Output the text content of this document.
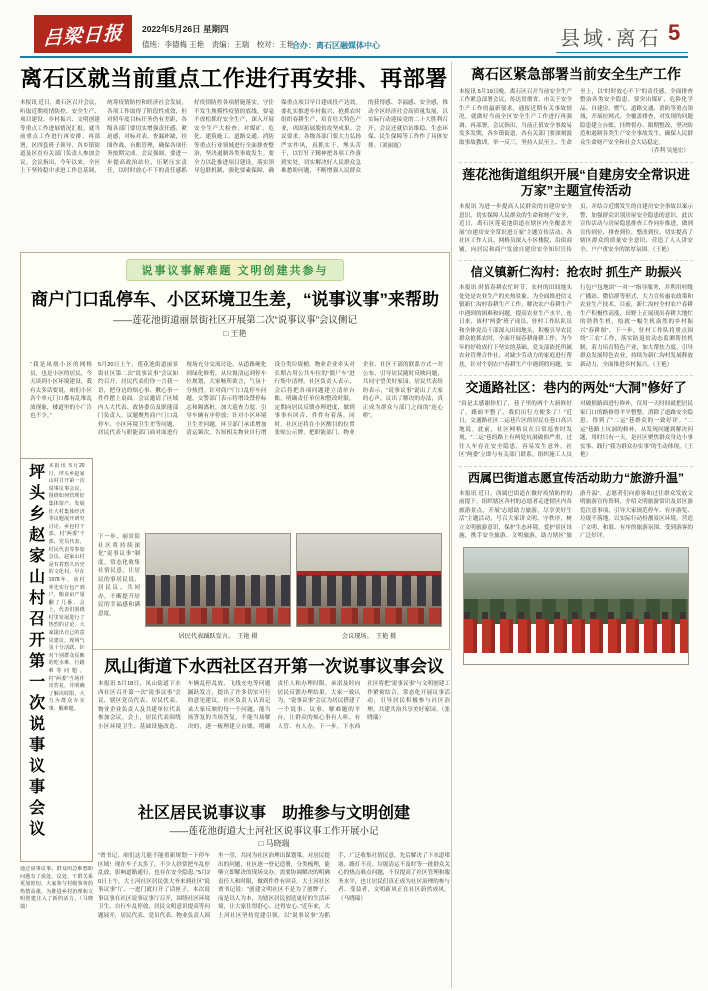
吕梁日报 2022年5月26日 星期四
值班：李德梅 王艳　责编：王瑞　校对：王艳
合办：离石区融媒体中心	县域·离石 5
离石区就当前重点工作进行再安排、再部署
本报讯 近日，离石区召开会议，听取近期疫情防控、安全生产、项目建设、乡村振兴、文明创建等重点工作进展情况汇报，就当前重点工作进行再安排、再部署。区四套班子领导、各乡镇街道及区直有关部门负责人参加会议。会议指出，今年以来，全区上下坚持稳中求进工作总基调，统筹疫情防控和经济社会发展，各项工作取得了阶段性成效，但对照年度目标任务仍有差距，各级各部门要切实增强责任感、紧迫感，对标对表、查漏补缺，挂图作战、台账管理，确保各项任务按期完成。会议强调，要进一步提高政治站位，压紧压实责任，以时时放心不下的责任感抓好疫情防控各项措施落实，守住不发生规模性疫情的底线。要毫不放松抓好安全生产，深入开展安全生产大检查，对煤矿、危化、建筑施工、道路交通、消防等重点行业领域进行全面排查整治，坚决遏制各类事故发生。要全力以赴推进项目建设，落实领导包联机制，强化要素保障，确保重点项目早日建成投产达效。要扎实推进乡村振兴，抢抓农时组织春耕生产，培育壮大特色产业，巩固拓展脱贫攻坚成果。会议要求，各级各部门要大力弘扬严实作风，真抓实干、埋头苦干，以钉钉子精神把各项工作落到实处，切实解决好人民群众急难愁盼问题，不断增强人民群众的获得感、幸福感、安全感，推动全区经济社会高质量发展，以实际行动迎接党的二十大胜利召开。会议还就信访维稳、生态环保、民生保障等工作作了具体安排。（刘丽霞）
离石区紧急部署当前安全生产工作
本报讯 5月19日晚，离石区召开当前安全生产工作紧急部署会议，传达贯彻省、市关于安全生产工作的最新要求，通报近期有关事故情况，就做好当前全区安全生产工作进行再强调、再部署。会议指出，当前正值安全事故易发多发期，各乡镇街道、各有关部门要深刻汲取事故教训，举一反三，坚持人民至上、生命至上，以“时时放心不下”的责任感，全面排查整治各类安全隐患。要突出煤矿、危险化学品、自建房、燃气、道路交通、消防等重点领域，开展拉网式、全覆盖排查，对发现的问题隐患建立台账、挂牌督办、限期整改，坚决防范和遏制各类生产安全事故发生，确保人民群众生命财产安全和社会大局稳定。
（乔利 吴旭宏）
莲花池街道组织开展“自建房安全常识进万家”主题宣传活动
本报讯 为进一步提高人民群众的自建房安全意识，切实保障人民群众的生命和财产安全，近日，离石区莲花池街道在辖区内全覆盖开展“自建房安全常识进万家”主题宣传活动。各社区工作人员、网格员深入小区楼院、沿街商铺，向居民和商户发放自建房安全知识宣传页，并结合近期发生的自建房安全事故以案示警，加强群众识别房屋安全隐患的意识。此次宣传活动与房屋隐患排查工作同步推进，做到宣传到位、排查到位、整改到位，切实提高了辖区群众的质量安全意识，营造了人人讲安全、户户重安全的浓厚氛围。（王艳）
信义镇新仁沟村：抢农时 抓生产 助振兴
本报讯 时值春耕农忙时节，农村的田间地头处处是农业生产的火热景象。为全面推进信义镇新仁沟村春耕生产工作，解决农户春耕生产中遇到的困难和问题，提高农业生产水平，连日来，该村“两委”班子成员、驻村工作队队员和全体党员干部深入田间地头，积极引导农民群众抢抓农时，全面开展春耕备耕工作，为今年的好收成打下坚实的基础。党支部依托所属农业管理合作社，对缺少劳动力的家庭进行帮扶，针对个别农户春耕生产中遇到的问题，实行包户包地块“一对一”指导服务，并利用村级广播站、微信群等形式，大力宣传惠农政策和农业生产技术。目前，新仁沟村全村农户春耕生产积极性高涨，田野上正展现出春耕大地忙的勃勃生机，绘就一幅生机盎然的乡村振兴“春耕图”。下一步，驻村工作队将重点围绕“三农”工作，落实防返贫动态监测帮扶机制，着力培育特色产业，加大帮扶力度，引导群众发展特色农业，持续为新仁沟村发展释放新动力，全面推进乡村振兴。（王艳）
交通路社区：巷内的两处“大洞”修好了
“真是太感谢你们了，巷子里的两个大洞修好了，路面平整了，我们出行方便多了！”近日，交通路社区二运巷片区的居民在巷口高兴地说。此前，社区网格员在日常巡查时发现，“二运”巷的路上有两处坑洞破损严重，过往人车存在安全隐患，容易发生意外。社区“两委”立即与有关部门联系，组织施工人员对破损路面进行修补，仅用一天时间就把居民家门口的路修得平平整整，消除了道路安全隐患，得到了“二运”巷群众的一致好评。“二运”巷路上坑洞的修补，从发现问题到解决问题，用时只有一天，是社区聚焦群众身边小事实事、践行“我为群众办实事”的生动体现。（王艳）
西属巴街道志愿宣传活动助力“旅游升温”
本报讯 近日，西属巴街道在做好疫情防控的前提下，组织辖区各村的志愿者走进辖区内各旅游景点，开展“志愿助力旅游，尽享美好生活”主题活动，号召大家讲文明、守秩序，树立文明旅游意识，保护生态环境，爱护景区设施，携手安全旅游、文明旅游，助力辖区“旅游升温”。志愿者们向游客和过往群众发放文明旅游宣传资料，介绍文明旅游常识及景区游览注意事项，引导大家规范停车、有序游览、垃圾不落地，以实际行动扮靓景区环境，营造了文明、和谐、有序的旅游氛围，受到游客的广泛好评。
说事议事解难题 文明创建共参与
商户门口乱停车、小区环境卫生差，“说事议事”来帮助
——莲花池街道丽景街社区开展第二次“说事议事”会议侧记
□ 王艳
“我是凤凰小区的网格员，也是小区的居民，今天谈到小区环境建设，我有太多话要说，咱们小区各个单元门口都有乱堆乱放现象，楼道里的小广告也不少。”
5月20日上午，莲花池街道丽景街社区第二次“说事议事”会议如约召开，居民代表们你一言我一语，把身边的烦心事、揪心事一件件摆上桌面。会议邀请了区域内人大代表、政协委员及职能部门负责人，议题聚焦商户门口乱停车、小区环境卫生差等问题，居民代表与职能部门面对面进行现场充分交流讨论。从道路硬化到绿化修剪，从垃圾清运到停车位规划，大家畅所欲言，气氛十分热烈。针对商户门口乱停车问题，交警部门表示将增设禁停标志和隔离桩，加大巡查力度，引导车辆有序停放；针对小区环境卫生差问题，环卫部门承诺增加清运频次，告知相关物业自行增设分类垃圾桶，物业企业牵头对长期占用公共车位的“僵尸车”进行集中清理。社区负责人表示，会后将把各项问题建立清单台账，明确责任单位和整改时限，定期向居民反馈办理进度，做到事事有回音、件件有着落。同时，社区还将在小区醒目的位置张贴公示牌，把职能部门、物业企业、社区干部的联系方式一并公布，引导居民随时反映问题，共同守望美好家园。居民代表纷纷表示，“说事议事”说出了大家的心声，议出了解决的办法，真正成为群众与部门之间的“连心桥”。
下一步，丽景街社区将持续深化“说事议事”制度，常态化收集社情民意，让居民的事居民说、居民议、共同办，不断提升居民的幸福感和满意度。
居民代表踊跃发言。　王艳 摄	会议现场。　王艳 摄
坪头乡赵家山村召开第一次说事议事会议	本报讯 5月20日，坪头乡赵家山村召开第一次说事议事会议，围绕如何管理好集体资产、发展壮大村集体经济等议题展开研究讨论。乡包村干部、村“两委”干部、党员代表、村民代表等参加会议。赵家山村是有着悠久历史的文化村。早在1978年，该村率先实行包产到户，粮食亩产量翻了几番。会上，代表们围绕村里发展进行了热烈的讨论，大家提出自己的意见建议，现场气氛十分活跃。针对个别群众反映的吃水难、行路难等问题，村“两委”当场作出答复，并明确了解决时限，大力为群众办实事、解难题。
通过说事议事，群众的急难愁盼问题有了说处、议处，干群关系更加密切，大家参与村级事务的热情高涨，为推进乡村治理和文明创建注入了新的活力。（马晓瑞）
凤山街道下水西社区召开第一次说事议事会议
本报讯 5月18日，凤山街道下水西社区召开第一次“说事议事”会议，辖区党员代表、居民代表、物业企业负责人及共建单位代表参加会议。会上，居民代表围绕小区环境卫生、基础设施改造、车辆乱停乱放、飞线充电等问题踊跃发言，提出了许多切实可行的意见建议。社区负责人认真记录大家反映的每一个问题，能当场答复的当场答复，不能当场解决的，逐一梳理建立台账，明确责任人和办理时限，承诺及时向居民反馈办理结果。大家一致认为，“说事议事”会议为居民搭建了一个说事、议事、解难题的平台，让群众的烦心事有人听、有人管、有人办。下一步，下水西社区将把“说事议事”与文明创建工作紧密结合，常态化开展议事活动，引导居民积极参与社区治理，共建共治共享美好家园。（张晓瑞）
社区居民说事议事　助推参与文明创建
——莲花池街道大土河社区说事议事工作开展小记
□ 马晓瑞
“贾书记，咱们这儿能不能重新规划一下停车区域！现在车子太多了，不少人经常把车乱停乱放，影响道路通行，也存在安全隐患。”5月20日上午，大土河社区居民张大爷来到社区“说事议事”厅，一进门就打开了话匣子。本次说事议事在社区说事议事厅召开，围绕社区环境卫生、自行车乱停放、居民文明意识提高等问题展开，居民代表、党员代表、物业负责人围坐一堂，共同为社区治理出谋划策。对居民提出的问题，社区逐一登记造册，分类梳理，能够立即解决的现场交办，需要协调解决的明确责任人和时限，做到件件有回音。大土河社区贾书记说：“创建文明社区不是为了创牌子，而是以人为本，为辖区居民创造更好的生活环境，让大家住得舒心、过得安心。”近年来，大土河社区坚持党建引领，以“说事议事”为抓手，广泛收集社情民意，先后解决了下水道堵塞、路灯不亮、垃圾清运不及时等一批群众关心的热点难点问题，不仅提高了社区管理和服务水平，也让居民们真正成为社区治理的参与者、受益者，文明新风正在社区蔚然成风。（马晓瑞）
